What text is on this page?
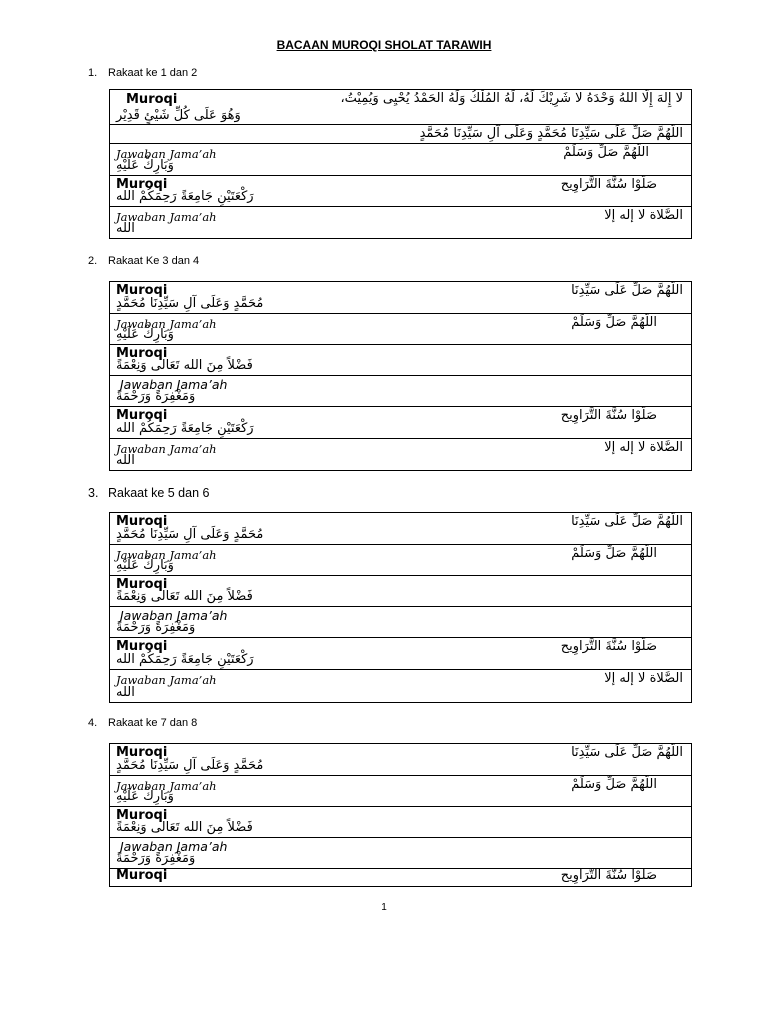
BACAAN MUROQI SHOLAT TARAWIH
1. Rakaat ke 1 dan 2
Muroqi	لا إِلهَ إِلَّا اللهُ وَحْدَهُ لا شَرِيْكَ لَهُ، لَهُ المُلْكُ وَلَهُ الحَمْدُ يُحْيِى وَيُمِيْتُ،
وَهُوَ عَلَى كُلِّ شَيْئٍ قَدِيْر
اللّهُمَّ صَلِّ عَلَى سَيِّدِنَا مُحَمَّدٍ وَعَلَى آلِ سَيِّدِنَا مُحَمَّدٍ
Jawaban Jama’ah	اللّهُمَّ صَلِّ وَسَلِّمْ
وَبَارِكْ عَلَيْهِ
Muroqi	صَلُّوْا سُنَّةَ التَّرَاوِيح
رَكْعَتَيْنِ جَامِعَةً رَحِمَكُمْ الله
Jawaban Jama’ah	الصَّلاة لا إله إلا
الله
2. Rakaat Ke 3 dan 4
Muroqi	اللّهُمَّ صَلِّ عَلَى سَيِّدِنَا
مُحَمَّدٍ وَعَلَى آلِ سَيِّدِنَا مُحَمَّدٍ
Jawaban Jama’ah	اللّهُمَّ صَلِّ وَسَلِّمْ
وَبَارِكْ عَلَيْهِ
Muroqi
فَضْلاً مِنَ الله تَعَالى وَنِعْمَةً
Jawaban Jama’ah
وَمَغْفِرَةً وَرَحْمَةً
Muroqi	صَلُّوْا سُنَّةَ التَّرَاوِيح
رَكْعَتَيْنِ جَامِعَةً رَحِمَكُمْ الله
Jawaban Jama’ah	الصَّلاة لا إله إلا
الله
3. Rakaat ke 5 dan 6
Muroqi	اللّهُمَّ صَلِّ عَلَى سَيِّدِنَا
مُحَمَّدٍ وَعَلَى آلِ سَيِّدِنَا مُحَمَّدٍ
Jawaban Jama’ah	اللّهُمَّ صَلِّ وَسَلِّمْ
وَبَارِكْ عَلَيْهِ
Muroqi
فَضْلاً مِنَ الله تَعَالى وَنِعْمَةً
Jawaban Jama’ah
وَمَغْفِرَةً وَرَحْمَةً
Muroqi	صَلُّوْا سُنَّةَ التَّرَاوِيح
رَكْعَتَيْنِ جَامِعَةً رَحِمَكُمْ الله
Jawaban Jama’ah	الصَّلاة لا إله إلا
الله
4. Rakaat ke 7 dan 8
Muroqi	اللّهُمَّ صَلِّ عَلَى سَيِّدِنَا
مُحَمَّدٍ وَعَلَى آلِ سَيِّدِنَا مُحَمَّدٍ
Jawaban Jama’ah	اللّهُمَّ صَلِّ وَسَلِّمْ
وَبَارِكْ عَلَيْهِ
Muroqi
فَضْلاً مِنَ الله تَعَالى وَنِعْمَةً
Jawaban Jama’ah
وَمَغْفِرَةً وَرَحْمَةً
Muroqi	صَلُّوْا سُنَّةَ التَّرَاوِيح
1
